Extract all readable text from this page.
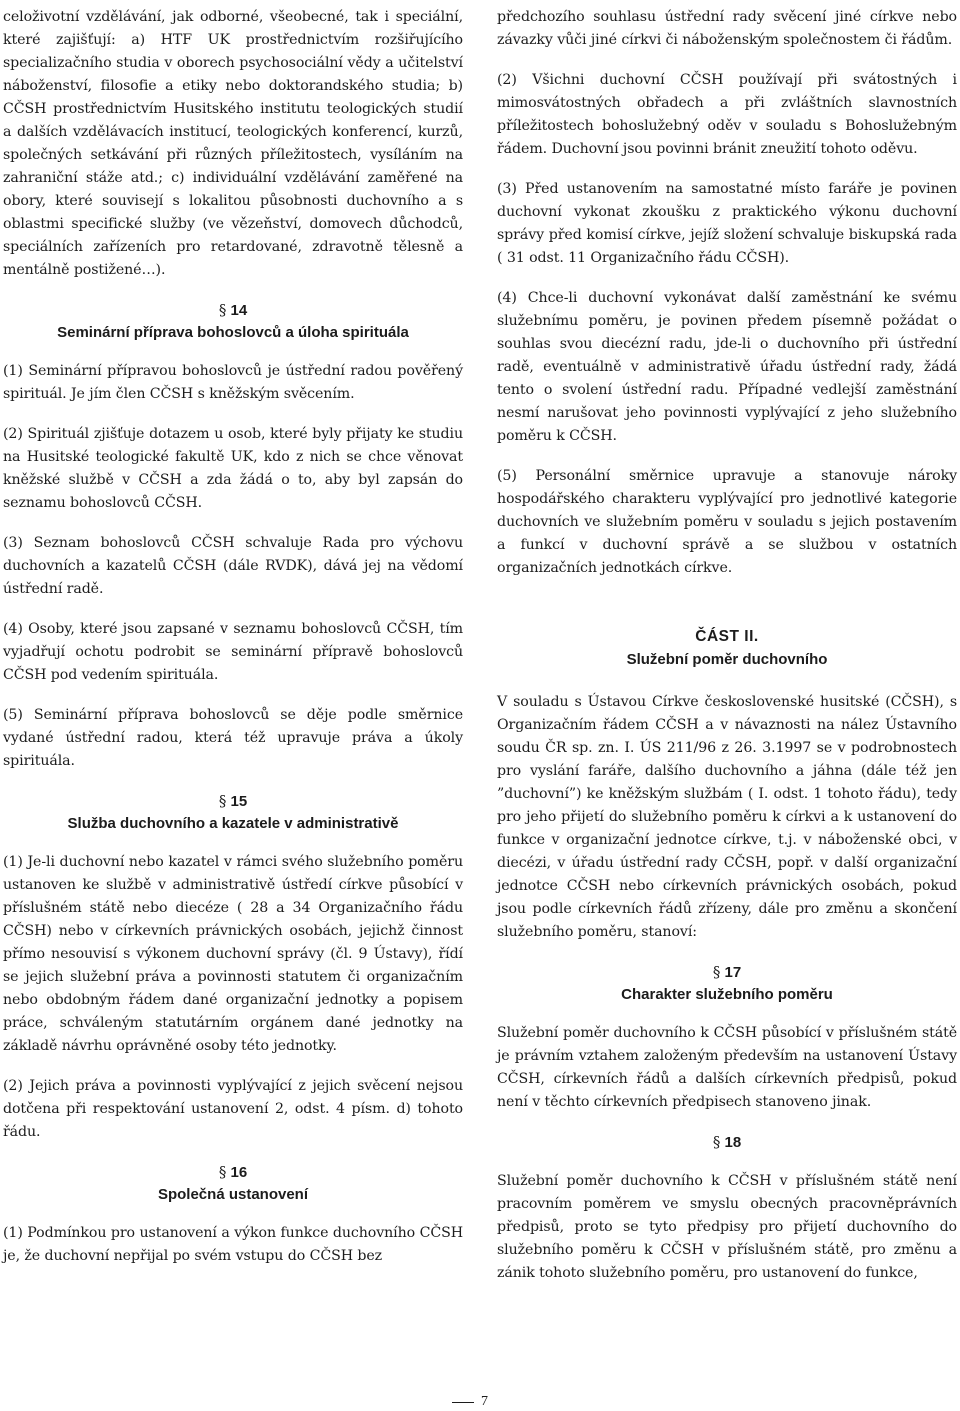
celoživotní vzdělávání, jak odborné, všeobecné, tak i speciální, které zajišťují: a) HTF UK prostřednictvím rozšiřujícího specializačního studia v oborech psychosociální vědy a učitelství náboženství, filosofie a etiky nebo doktorandského studia; b) CČSH prostřednictvím Husitského institutu teologických studií a dalších vzdělávacích institucí, teologických konferencí, kurzů, společných setkávání při různých příležitostech, vysíláním na zahraniční stáže atd.; c) individuální vzdělávání zaměřené na obory, které souvisejí s lokalitou působnosti duchovního a s oblastmi specifické služby (ve vězeňství, domovech důchodců, speciálních zařízeních pro retardované, zdravotně tělesně a mentálně postižené…).

§ 14
Seminární příprava bohoslovců a úloha spirituála

(1) Seminární přípravou bohoslovců je ústřední radou pověřený spirituál. Je jím člen CČSH s kněžským svěcením.

(2) Spirituál zjišťuje dotazem u osob, které byly přijaty ke studiu na Husitské teologické fakultě UK, kdo z nich se chce věnovat kněžské službě v CČSH a zda žádá o to, aby byl zapsán do seznamu bohoslovců CČSH.

(3) Seznam bohoslovců CČSH schvaluje Rada pro výchovu duchovních a kazatelů CČSH (dále RVDK), dává jej na vědomí ústřední radě.

(4) Osoby, které jsou zapsané v seznamu bohoslovců CČSH, tím vyjadřují ochotu podrobit se seminární přípravě bohoslovců CČSH pod vedením spirituála.

(5) Seminární příprava bohoslovců se děje podle směrnice vydané ústřední radou, která též upravuje práva a úkoly spirituála.

§ 15
Služba duchovního a kazatele v administrativě

(1) Je-li duchovní nebo kazatel v rámci svého služebního poměru ustanoven ke službě v administrativě ústředí církve působící v příslušném státě nebo diecéze ( 28 a 34 Organizačního řádu CČSH) nebo v církevních právnických osobách, jejichž činnost přímo nesouvisí s výkonem duchovní správy (čl. 9 Ústavy), řídí se jejich služební práva a povinnosti statutem či organizačním nebo obdobným řádem dané organizační jednotky a popisem práce, schváleným statutárním orgánem dané jednotky na základě návrhu oprávněné osoby této jednotky.

(2) Jejich práva a povinnosti vyplývající z jejich svěcení nejsou dotčena při respektování ustanovení 2, odst. 4 písm. d) tohoto řádu.

§ 16
Společná ustanovení

(1) Podmínkou pro ustanovení a výkon funkce duchovního CČSH je, že duchovní nepřijal po svém vstupu do CČSH bez

předchozího souhlasu ústřední rady svěcení jiné církve nebo závazky vůči jiné církvi či náboženským společnostem či řádům.

(2) Všichni duchovní CČSH používají při svátostných i mimosvátostných obřadech a při zvláštních slavnostních příležitostech bohoslužebný oděv v souladu s Bohoslužebným řádem. Duchovní jsou povinni bránit zneužití tohoto oděvu.

(3) Před ustanovením na samostatné místo faráře je povinen duchovní vykonat zkoušku z praktického výkonu duchovní správy před komisí církve, jejíž složení schvaluje biskupská rada ( 31 odst. 11 Organizačního řádu CČSH).

(4) Chce-li duchovní vykonávat další zaměstnání ke svému služebnímu poměru, je povinen předem písemně požádat o souhlas svou diecézní radu, jde-li o duchovního při ústřední radě, eventuálně v administrativě úřadu ústřední rady, žádá tento o svolení ústřední radu. Případné vedlejší zaměstnání nesmí narušovat jeho povinnosti vyplývající z jeho služebního poměru k CČSH.

(5) Personální směrnice upravuje a stanovuje nároky hospodářského charakteru vyplývající pro jednotlivé kategorie duchovních ve služebním poměru v souladu s jejich postavením a funkcí v duchovní správě a se službou v ostatních organizačních jednotkách církve.

ČÁST II.
Služební poměr duchovního

V souladu s Ústavou Církve československé husitské (CČSH), s Organizačním řádem CČSH a v návaznosti na nález Ústavního soudu ČR sp. zn. I. ÚS 211/96 z 26. 3.1997 se v podrobnostech pro vyslání faráře, dalšího duchovního a jáhna (dále též jen ”duchovní”) ke kněžským službám ( I. odst. 1 tohoto řádu), tedy pro jeho přijetí do služebního poměru k církvi a k ustanovení do funkce v organizační jednotce církve, t.j. v náboženské obci, v diecézi, v úřadu ústřední rady CČSH, popř. v další organizační jednotce CČSH nebo církevních právnických osobách, pokud jsou podle církevních řádů zřízeny, dále pro změnu a skončení služebního poměru, stanoví:

§ 17
Charakter služebního poměru

Služební poměr duchovního k CČSH působící v příslušném státě je právním vztahem založeným především na ustanovení Ústavy CČSH, církevních řádů a dalších církevních předpisů, pokud není v těchto církevních předpisech stanoveno jinak.

§ 18

Služební poměr duchovního k CČSH v příslušném státě není pracovním poměrem ve smyslu obecných pracovněprávních předpisů, proto se tyto předpisy pro přijetí duchovního do služebního poměru k CČSH v příslušném státě, pro změnu a zánik tohoto služebního poměru, pro ustanovení do funkce,

7
